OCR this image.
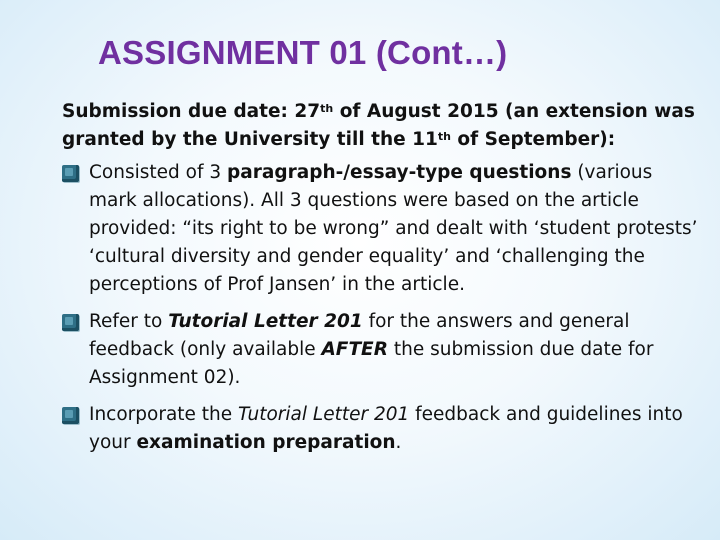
ASSIGNMENT 01 (Cont…)

Submission due date: 27th of August 2015 (an extension was granted by the University till the 11th of September):

Consisted of 3 paragraph-/essay-type questions (various mark allocations). All 3 questions were based on the article provided: “its right to be wrong” and dealt with ‘student protests’ ‘cultural diversity and gender equality’ and ‘challenging the perceptions of Prof Jansen’ in the article.
Refer to Tutorial Letter 201 for the answers and general feedback (only available AFTER the submission due date for Assignment 02).
Incorporate the Tutorial Letter 201 feedback and guidelines into your examination preparation.
